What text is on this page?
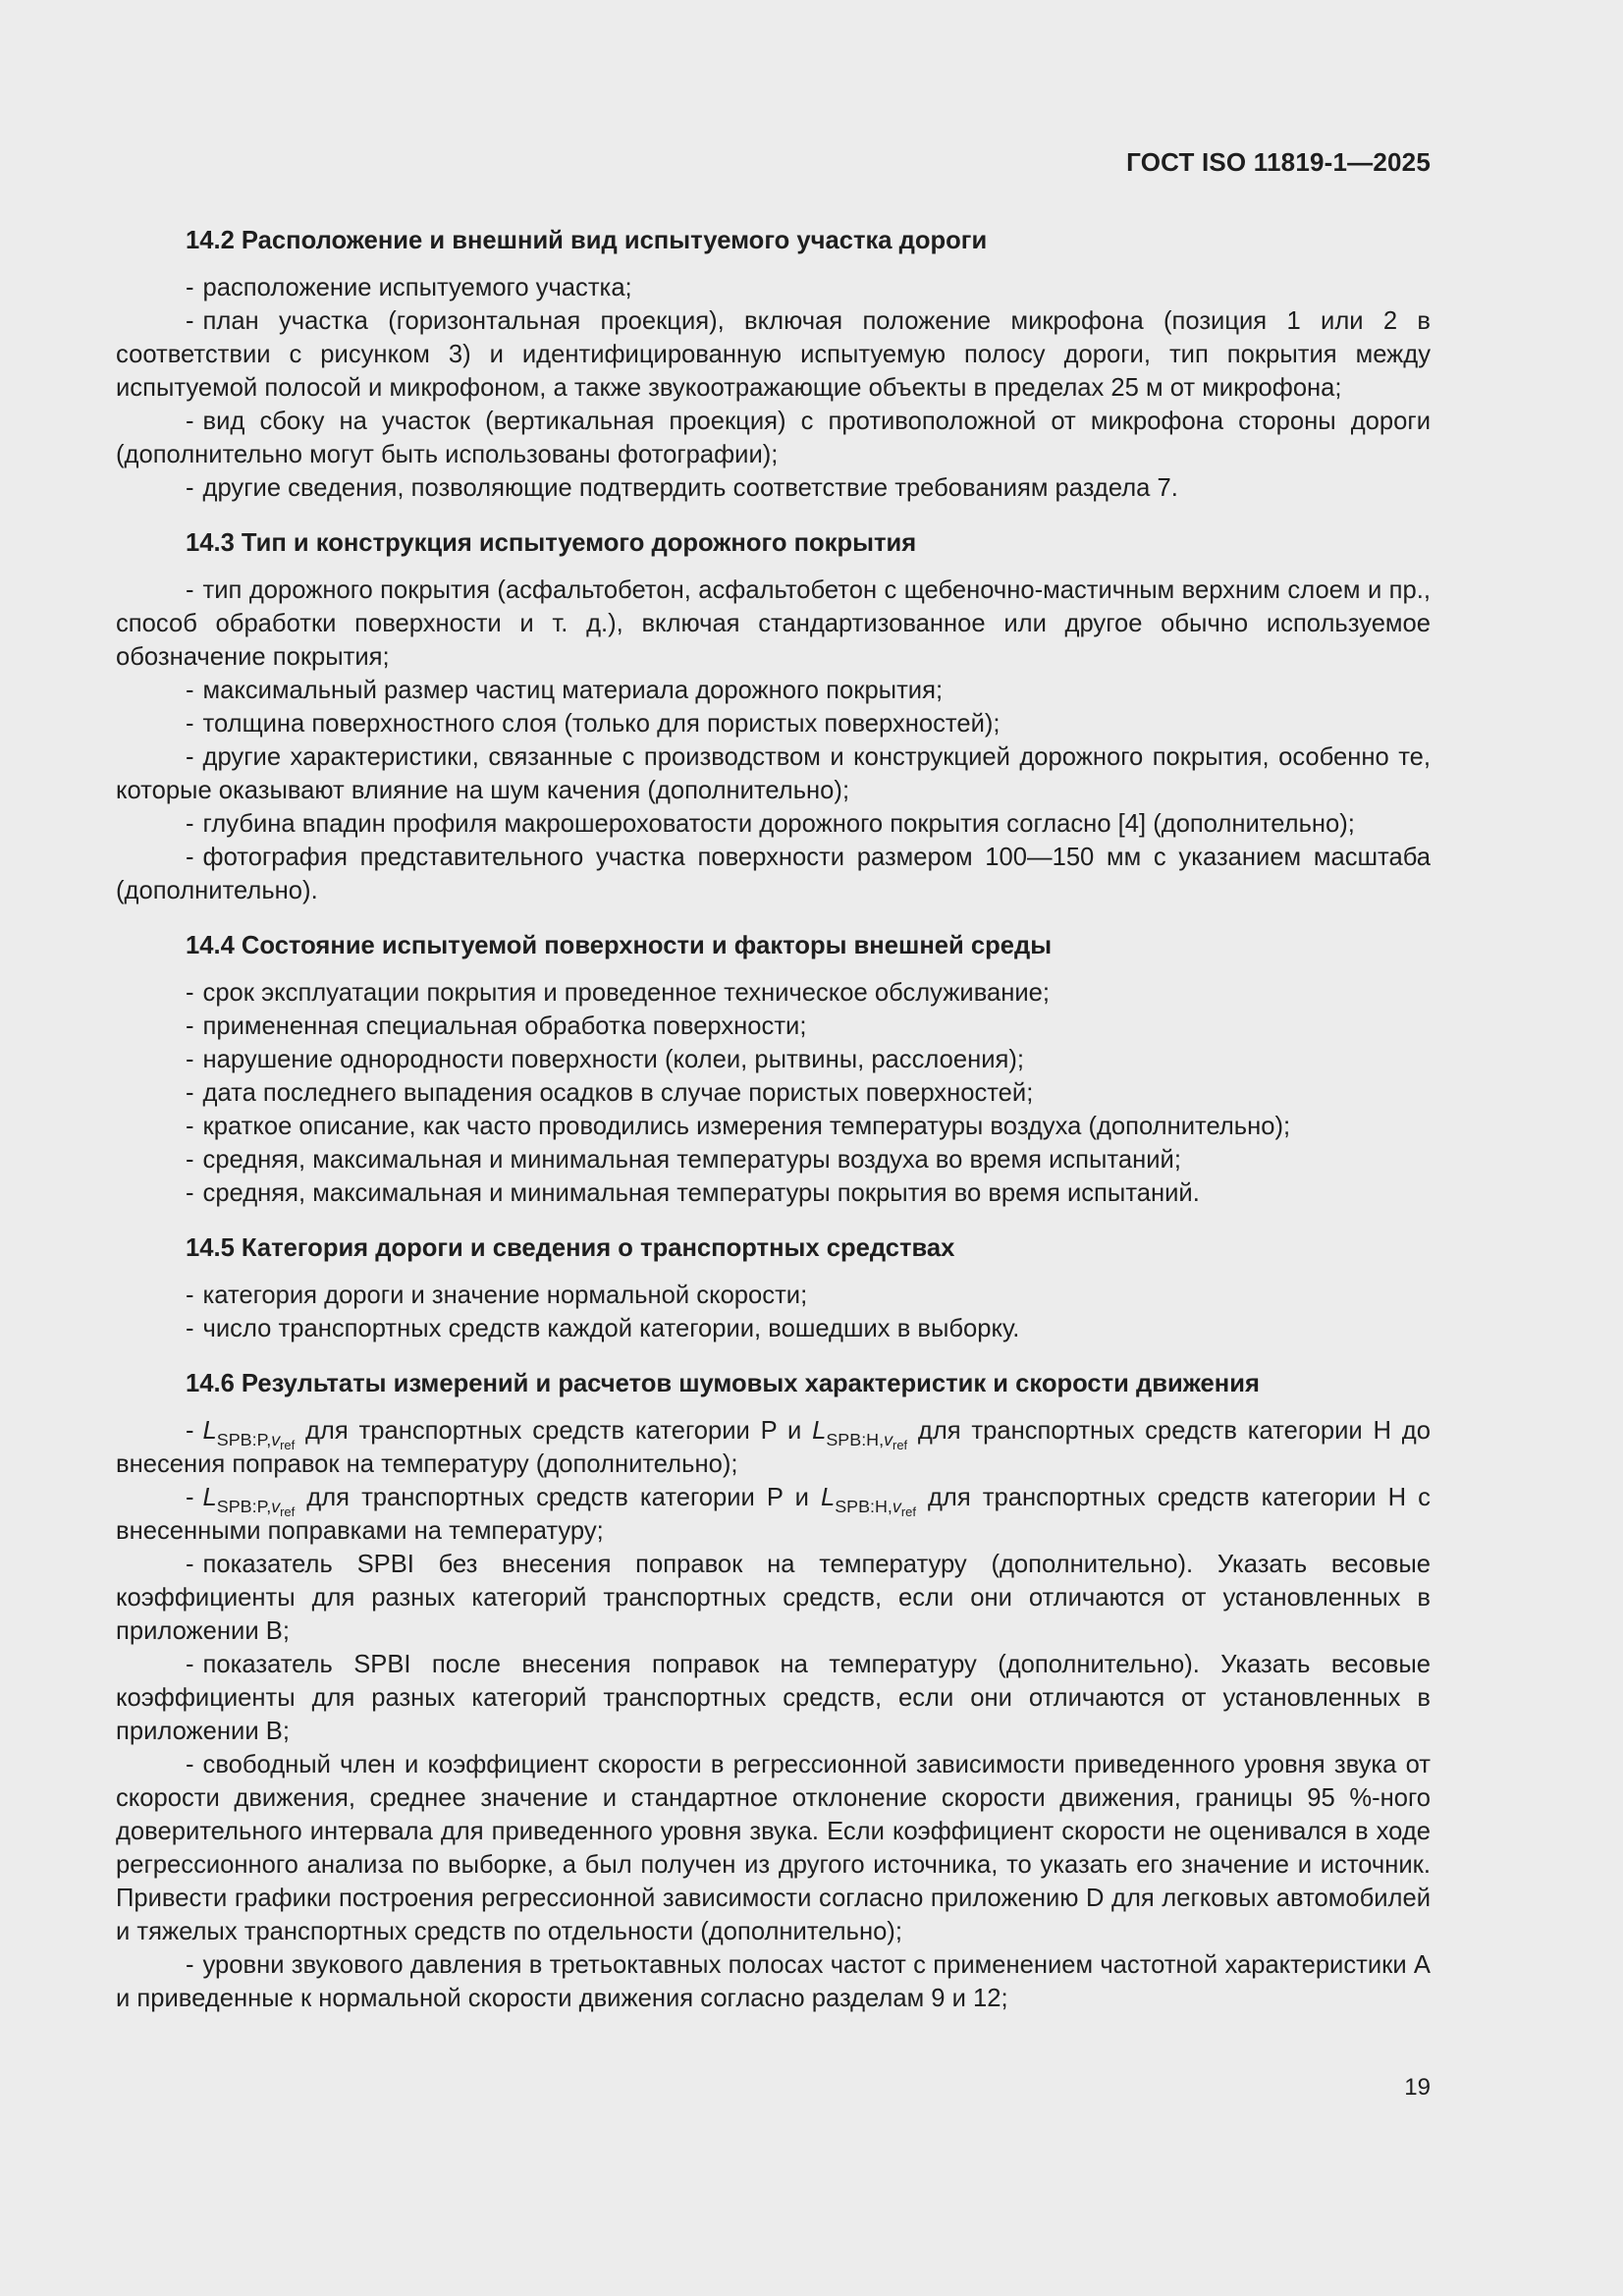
ГОСТ ISO 11819-1—2025
14.2 Расположение и внешний вид испытуемого участка дороги

- расположение испытуемого участка;

- план участка (горизонтальная проекция), включая положение микрофона (позиция 1 или 2 в соответствии с рисунком 3) и идентифицированную испытуемую полосу дороги, тип покрытия между испытуемой полосой и микрофоном, а также звукоотражающие объекты в пределах 25 м от микрофона;

- вид сбоку на участок (вертикальная проекция) с противоположной от микрофона стороны дороги (дополнительно могут быть использованы фотографии);

- другие сведения, позволяющие подтвердить соответствие требованиям раздела 7.

14.3 Тип и конструкция испытуемого дорожного покрытия

- тип дорожного покрытия (асфальтобетон, асфальтобетон с щебеночно-мастичным верхним слоем и пр., способ обработки поверхности и т. д.), включая стандартизованное или другое обычно используемое обозначение покрытия;

- максимальный размер частиц материала дорожного покрытия;

- толщина поверхностного слоя (только для пористых поверхностей);

- другие характеристики, связанные с производством и конструкцией дорожного покрытия, особенно те, которые оказывают влияние на шум качения (дополнительно);

- глубина впадин профиля макрошероховатости дорожного покрытия согласно [4] (дополнительно);

- фотография представительного участка поверхности размером 100—150 мм с указанием масштаба (дополнительно).

14.4 Состояние испытуемой поверхности и факторы внешней среды

- срок эксплуатации покрытия и проведенное техническое обслуживание;

- примененная специальная обработка поверхности;

- нарушение однородности поверхности (колеи, рытвины, расслоения);

- дата последнего выпадения осадков в случае пористых поверхностей;

- краткое описание, как часто проводились измерения температуры воздуха (дополнительно);

- средняя, максимальная и минимальная температуры воздуха во время испытаний;

- средняя, максимальная и минимальная температуры покрытия во время испытаний.

14.5 Категория дороги и сведения о транспортных средствах

- категория дороги и значение нормальной скорости;

- число транспортных средств каждой категории, вошедших в выборку.

14.6 Результаты измерений и расчетов шумовых характеристик и скорости движения

- $L_{SPB:P,v_{ref}}$ для транспортных средств категории P и $L_{SPB:H,v_{ref}}$ для транспортных средств категории H до внесения поправок на температуру (дополнительно);

- $L_{SPB:P,v_{ref}}$ для транспортных средств категории P и $L_{SPB:H,v_{ref}}$ для транспортных средств категории H с внесенными поправками на температуру;

- показатель SPBI без внесения поправок на температуру (дополнительно). Указать весовые коэффициенты для разных категорий транспортных средств, если они отличаются от установленных в приложении B;

- показатель SPBI после внесения поправок на температуру (дополнительно). Указать весовые коэффициенты для разных категорий транспортных средств, если они отличаются от установленных в приложении B;

- свободный член и коэффициент скорости в регрессионной зависимости приведенного уровня звука от скорости движения, среднее значение и стандартное отклонение скорости движения, границы 95 %-ного доверительного интервала для приведенного уровня звука. Если коэффициент скорости не оценивался в ходе регрессионного анализа по выборке, а был получен из другого источника, то указать его значение и источник. Привести графики построения регрессионной зависимости согласно приложению D для легковых автомобилей и тяжелых транспортных средств по отдельности (дополнительно);

- уровни звукового давления в третьоктавных полосах частот с применением частотной характеристики A и приведенные к нормальной скорости движения согласно разделам 9 и 12;

19
